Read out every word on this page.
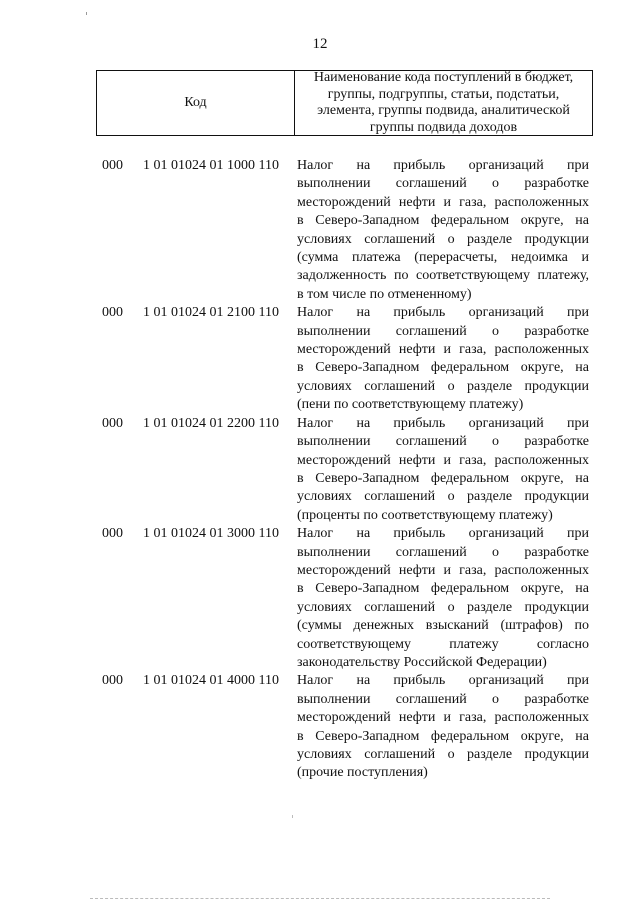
12
Код
Наименование кода поступлений в бюджет, группы, подгруппы, статьи, подстатьи, элемента, группы подвида, аналитической группы подвида доходов
000 1 01 01024 01 1000 110 Налог на прибыль организаций при
выполнении соглашений о разработке
месторождений нефти и газа, расположенных
в Северо-Западном федеральном округе, на
условиях соглашений о разделе продукции
(сумма платежа (перерасчеты, недоимка и
задолженность по соответствующему платежу,
в том числе по отмененному)
000 1 01 01024 01 2100 110 Налог на прибыль организаций при
выполнении соглашений о разработке
месторождений нефти и газа, расположенных
в Северо-Западном федеральном округе, на
условиях соглашений о разделе продукции
(пени по соответствующему платежу)
000 1 01 01024 01 2200 110 Налог на прибыль организаций при
выполнении соглашений о разработке
месторождений нефти и газа, расположенных
в Северо-Западном федеральном округе, на
условиях соглашений о разделе продукции
(проценты по соответствующему платежу)
000 1 01 01024 01 3000 110 Налог на прибыль организаций при
выполнении соглашений о разработке
месторождений нефти и газа, расположенных
в Северо-Западном федеральном округе, на
условиях соглашений о разделе продукции
(суммы денежных взысканий (штрафов) по
соответствующему платежу согласно
законодательству Российской Федерации)
000 1 01 01024 01 4000 110 Налог на прибыль организаций при
выполнении соглашений о разработке
месторождений нефти и газа, расположенных
в Северо-Западном федеральном округе, на
условиях соглашений о разделе продукции
(прочие поступления)
